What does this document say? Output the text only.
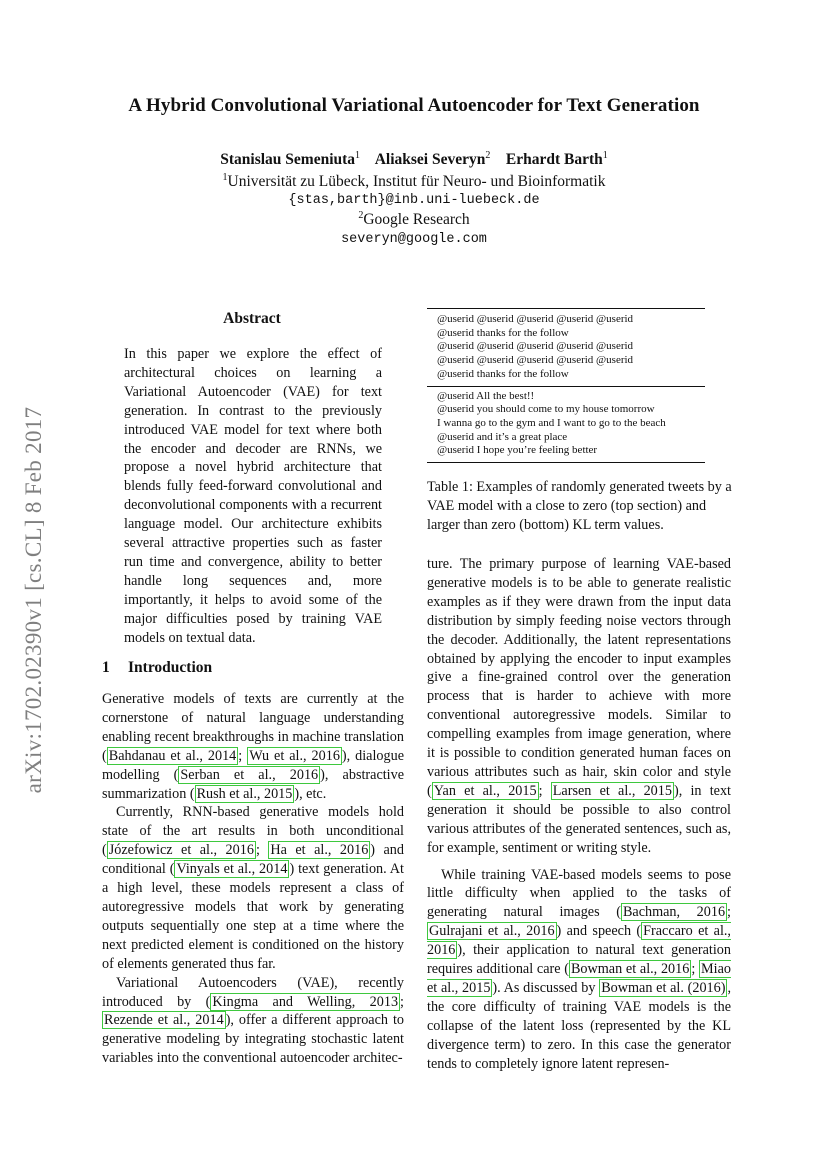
arXiv:1702.02390v1 [cs.CL] 8 Feb 2017
A Hybrid Convolutional Variational Autoencoder for Text Generation
Stanislau Semeniuta$^1$ Aliaksei Severyn$^2$ Erhardt Barth$^1$
$^1$Universität zu Lübeck, Institut für Neuro- und Bioinformatik
{stas,barth}@inb.uni-luebeck.de
$^2$Google Research
severyn@google.com
Abstract
In this paper we explore the effect of architectural choices on learning a Variational Autoencoder (VAE) for text generation. In contrast to the previously introduced VAE model for text where both the encoder and decoder are RNNs, we propose a novel hybrid architecture that blends fully feed-forward convolutional and deconvolutional components with a recurrent language model. Our architecture exhibits several attractive properties such as faster run time and convergence, ability to better handle long sequences and, more importantly, it helps to avoid some of the major difficulties posed by training VAE models on textual data.
1 Introduction

Generative models of texts are currently at the cornerstone of natural language understanding enabling recent breakthroughs in machine translation ( Bahdanau et al., 2014 ; Wu et al., 2016 ), dialogue modelling ( Serban et al., 2016 ), abstractive summarization ( Rush et al., 2015 ), etc.

Currently, RNN-based generative models hold state of the art results in both unconditional ( Józefowicz et al., 2016 ; Ha et al., 2016 ) and conditional ( Vinyals et al., 2014 ) text generation. At a high level, these models represent a class of autoregressive models that work by generating outputs sequentially one step at a time where the next predicted element is conditioned on the history of elements generated thus far.

Variational Autoencoders (VAE), recently introduced by ( Kingma and Welling, 2013 ; Rezende et al., 2014 ), offer a different approach to generative modeling by integrating stochastic latent variables into the conventional autoencoder architec-

@userid @userid @userid @userid @userid
@userid thanks for the follow
@userid @userid @userid @userid @userid
@userid @userid @userid @userid @userid
@userid thanks for the follow
@userid All the best!!
@userid you should come to my house tomorrow
I wanna go to the gym and I want to go to the beach
@userid and it’s a great place
@userid I hope you’re feeling better
Table 1: Examples of randomly generated tweets by a VAE model with a close to zero (top section) and larger than zero (bottom) KL term values.

ture. The primary purpose of learning VAE-based generative models is to be able to generate realistic examples as if they were drawn from the input data distribution by simply feeding noise vectors through the decoder. Additionally, the latent representations obtained by applying the encoder to input examples give a fine-grained control over the generation process that is harder to achieve with more conventional autoregressive models. Similar to compelling examples from image generation, where it is possible to condition generated human faces on various attributes such as hair, skin color and style ( Yan et al., 2015 ; Larsen et al., 2015 ), in text generation it should be possible to also control various attributes of the generated sentences, such as, for example, sentiment or writing style.

While training VAE-based models seems to pose little difficulty when applied to the tasks of generating natural images ( Bachman, 2016 ; Gulrajani et al., 2016 ) and speech ( Fraccaro et al., 2016 ), their application to natural text generation requires additional care ( Bowman et al., 2016 ; Miao et al., 2015 ). As discussed by Bowman et al. (2016) , the core difficulty of training VAE models is the collapse of the latent loss (represented by the KL divergence term) to zero. In this case the generator tends to completely ignore latent represen-
